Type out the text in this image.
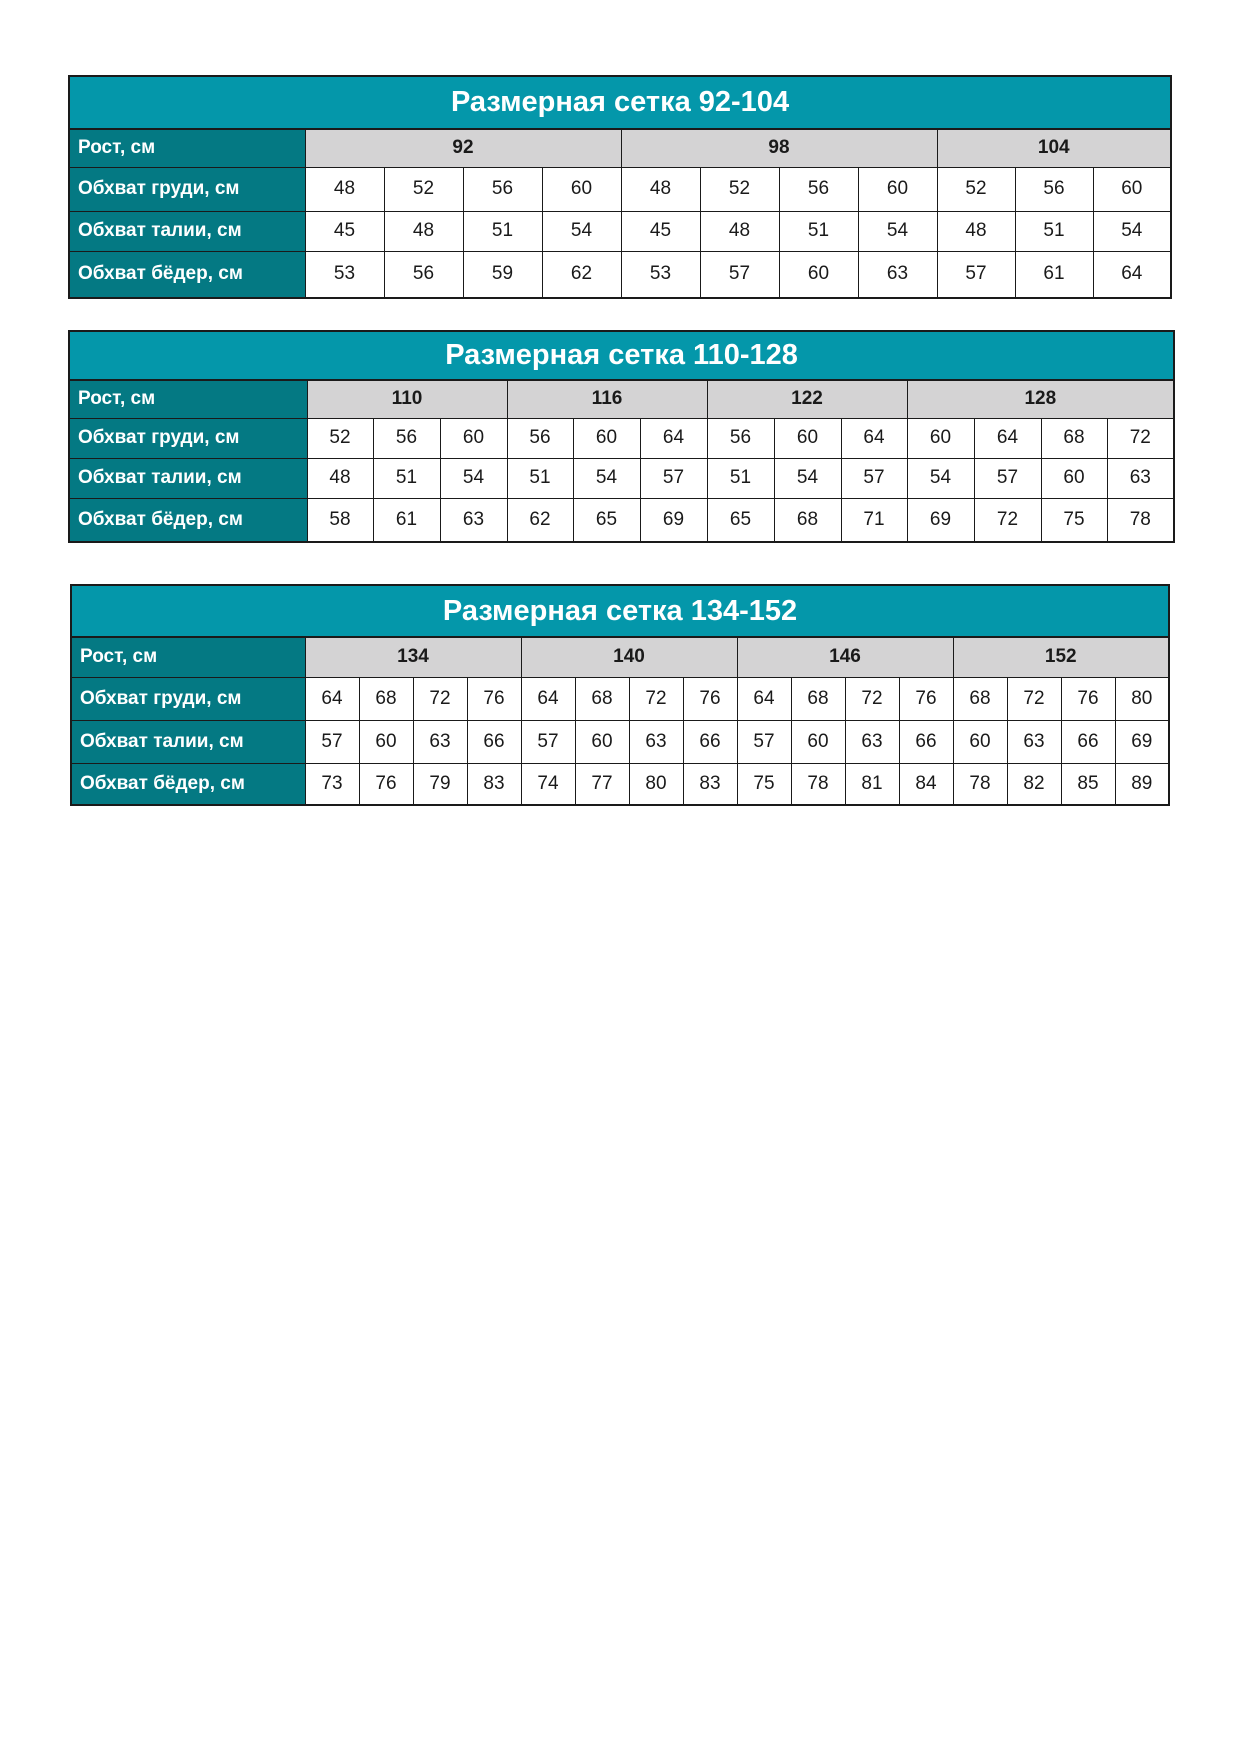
Размерная сетка 92-104											
Рост, см	92				98				104		
Обхват груди, см	48	52	56	60	48	52	56	60	52	56	60
Обхват талии, см	45	48	51	54	45	48	51	54	48	51	54
Обхват бёдер, см	53	56	59	62	53	57	60	63	57	61	64
Размерная сетка 110-128													
Рост, см	110			116			122			128			
Обхват груди, см	52	56	60	56	60	64	56	60	64	60	64	68	72
Обхват талии, см	48	51	54	51	54	57	51	54	57	54	57	60	63
Обхват бёдер, см	58	61	63	62	65	69	65	68	71	69	72	75	78
Размерная сетка 134-152																
Рост, см	134				140				146				152			
Обхват груди, см	64	68	72	76	64	68	72	76	64	68	72	76	68	72	76	80
Обхват талии, см	57	60	63	66	57	60	63	66	57	60	63	66	60	63	66	69
Обхват бёдер, см	73	76	79	83	74	77	80	83	75	78	81	84	78	82	85	89
